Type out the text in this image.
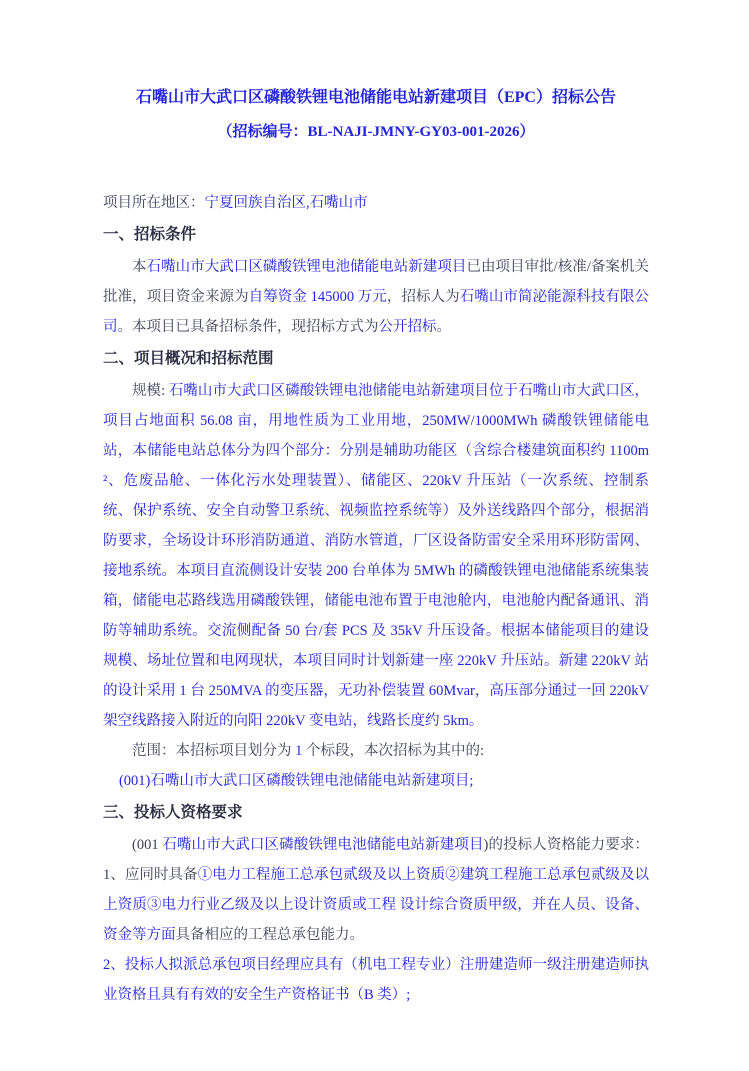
石嘴山市大武口区磷酸铁锂电池储能电站新建项目（EPC）招标公告
（招标编号：BL-NAJI-JMNY-GY03-001-2026）

项目所在地区：宁夏回族自治区,石嘴山市

一、招标条件

本石嘴山市大武口区磷酸铁锂电池储能电站新建项目已由项目审批/核准/备案机关批准，项目资金来源为自筹资金 145000 万元，招标人为石嘴山市简泌能源科技有限公司。本项目已具备招标条件，现招标方式为公开招标。

二、项目概况和招标范围

规模: 石嘴山市大武口区磷酸铁锂电池储能电站新建项目位于石嘴山市大武口区，项目占地面积 56.08 亩，用地性质为工业用地，250MW/1000MWh 磷酸铁锂储能电站，本储能电站总体分为四个部分：分别是辅助功能区（含综合楼建筑面积约 1100m²、危废品舱、一体化污水处理装置）、储能区、220kV 升压站（一次系统、控制系统、保护系统、安全自动警卫系统、视频监控系统等）及外送线路四个部分，根据消防要求，全场设计环形消防通道、消防水管道，厂区设备防雷安全采用环形防雷网、接地系统。本项目直流侧设计安装 200 台单体为 5MWh 的磷酸铁锂电池储能系统集装箱，储能电芯路线选用磷酸铁锂，储能电池布置于电池舱内，电池舱内配备通讯、消防等辅助系统。交流侧配备 50 台/套 PCS 及 35kV 升压设备。根据本储能项目的建设规模、场址位置和电网现状，本项目同时计划新建一座 220kV 升压站。新建 220kV 站的设计采用 1 台 250MVA 的变压器，无功补偿装置 60Mvar，高压部分通过一回 220kV 架空线路接入附近的向阳 220kV 变电站，线路长度约 5km。

范围：本招标项目划分为 1 个标段，本次招标为其中的:

(001)石嘴山市大武口区磷酸铁锂电池储能电站新建项目;

三、投标人资格要求

(001 石嘴山市大武口区磷酸铁锂电池储能电站新建项目)的投标人资格能力要求：1、应同时具备①电力工程施工总承包贰级及以上资质②建筑工程施工总承包贰级及以上资质③电力行业乙级及以上设计资质或工程 设计综合资质甲级，并在人员、设备、资金等方面具备相应的工程总承包能力。

2、投标人拟派总承包项目经理应具有（机电工程专业）注册建造师一级注册建造师执业资格且具有有效的安全生产资格证书（B 类）;
